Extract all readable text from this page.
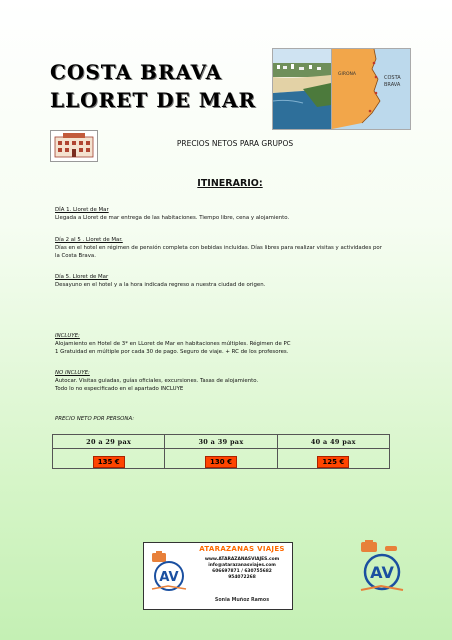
COSTA BRAVA
LLORET DE MAR
GIRONA
COSTA
BRAVA
PRECIOS NETOS PARA GRUPOS
ITINERARIO:
DÍA 1. Lloret de Mar
Llegada a Lloret de mar entrega de las habitaciones. Tiempo libre, cena y alojamiento.
Día 2 al 5 . Lloret de Mar.
Días en el hotel en régimen de pensión completa con bebidas incluidas. Días libres para realizar visitas y actividades por la Costa Brava.
Día 5. Lloret de Mar
Desayuno en el hotel y a la hora indicada regreso a nuestra ciudad de origen.
INCLUYE:
Alojamiento en Hotel de 3* en LLoret de Mar en habitaciones múltiples. Régimen de PC
1 Gratuidad en múltiple por cada 30 de pago. Seguro de viaje. + RC de los profesores.
NO INCLUYE:
Autocar. Visitas guiadas, guías oficiales, excursiones. Tasas de alojamiento.
Todo lo no especificado en el apartado INCLUYE
PRECIO NETO POR PERSONA:
20 a 29 pax	30 a 39 pax	40 a 49 pax
135 €	130 €	125 €
AV
ATARAZANAS VIAJES
www.ATARAZANASVIAJES.com
info@atarazanasviajes.com
606697871 / 630755682
954072268
Sonia Muñoz Ramos
AV
